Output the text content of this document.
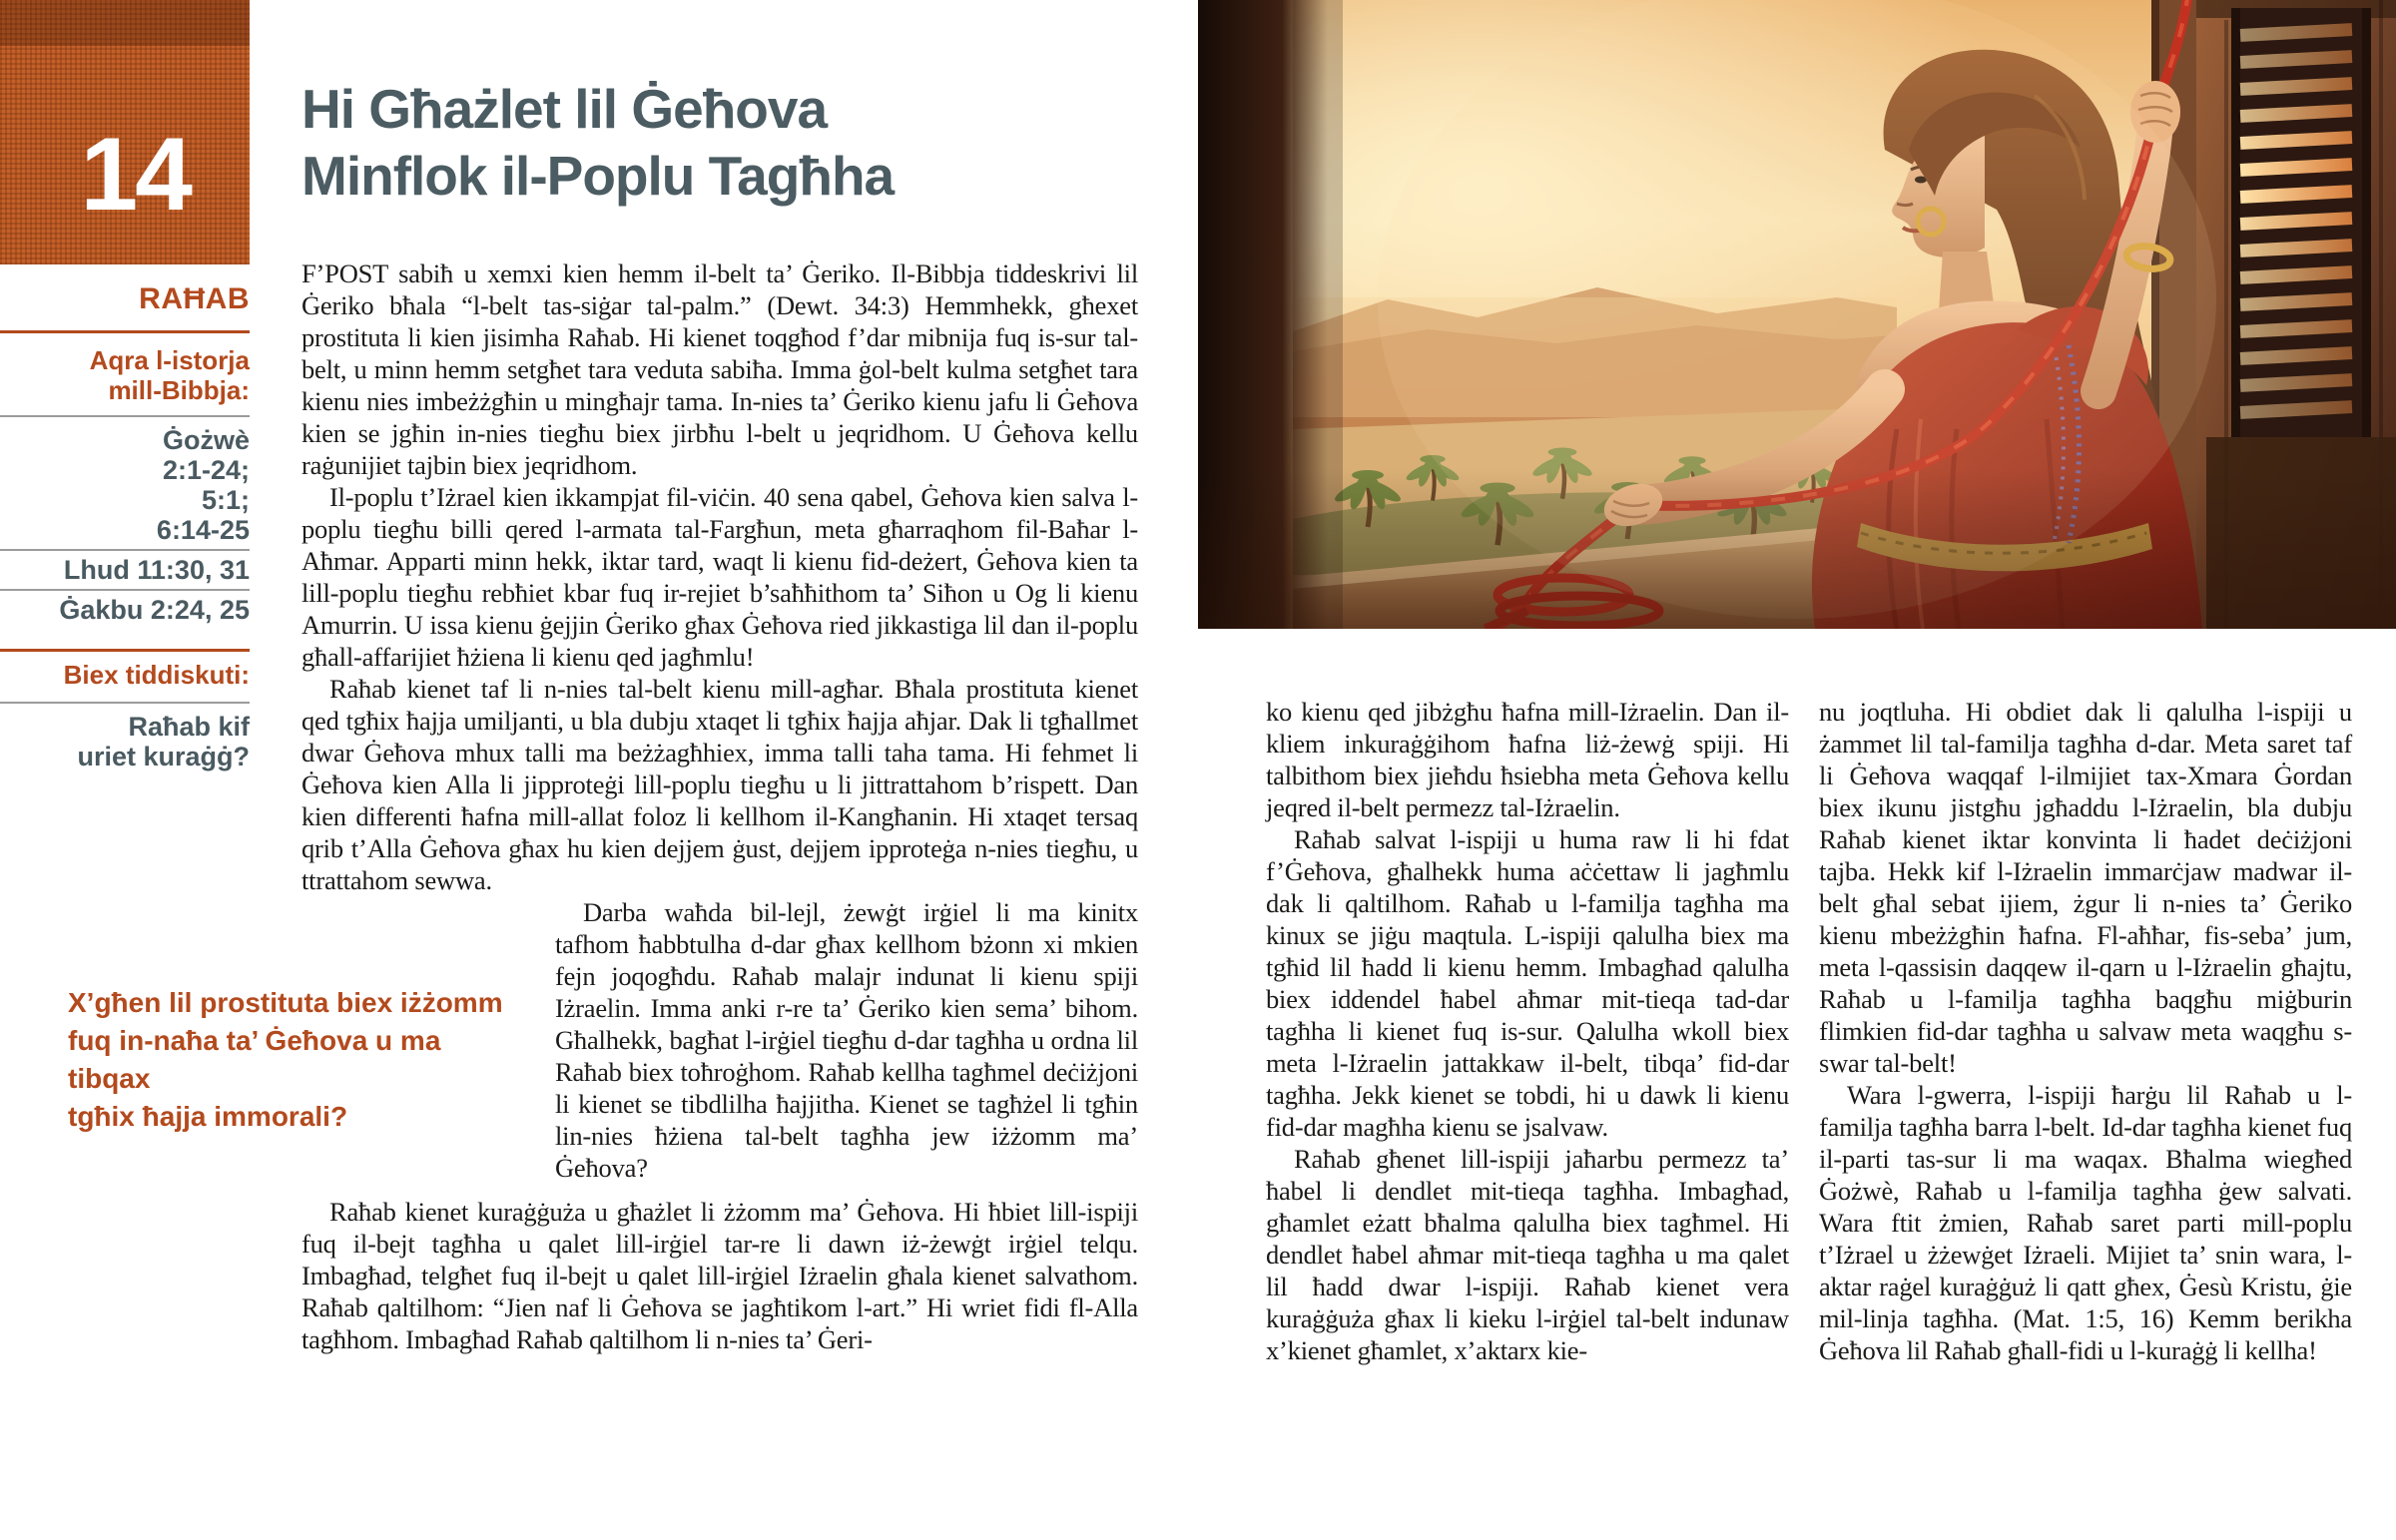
14
RAĦAB
Aqra l-istorja
mill-Bibbja:
Ġożwè
2:1-24;
5:1;
6:14-25
Lhud 11:30, 31
Ġakbu 2:24, 25
Biex tiddiskuti:
Raħab kif
uriet kuraġġ?
Hi Għażlet lil Ġeħova
Minflok il-Poplu Tagħha

F’POST sabiħ u xemxi kien hemm il-belt ta’ Ġeriko. Il-Bibbja tiddeskrivi lil Ġeriko bħala “l-belt tas-siġar tal-palm.” (Dewt. 34:3) Hemmhekk, għexet prostituta li kien jisimha Raħab. Hi kienet toqgħod f’dar mibnija fuq is-sur tal-belt, u minn hemm setgħet tara veduta sabiħa. Imma ġol-belt kulma setgħet tara kienu nies imbeżżgħin u mingħajr tama. In-nies ta’ Ġeriko kienu jafu li Ġeħova kien se jgħin in-nies tiegħu biex jirbħu l-belt u jeqridhom. U Ġeħova kellu raġunijiet tajbin biex jeqridhom.

Il-poplu t’Iżrael kien ikkampjat fil-viċin. 40 sena qabel, Ġeħova kien salva l-poplu tiegħu billi qered l-armata tal-Fargħun, meta għarraqhom fil-Baħar l-Aħmar. Apparti minn hekk, iktar tard, waqt li kienu fid-deżert, Ġeħova kien ta lill-poplu tiegħu rebħiet kbar fuq ir-rejiet b’saħħithom ta’ Siħon u Og li kienu Amurrin. U issa kienu ġejjin Ġeriko għax Ġeħova ried jikkastiga lil dan il-poplu għall-affarijiet ħżiena li kienu qed jagħmlu!

Raħab kienet taf li n-nies tal-belt kienu mill-agħar. Bħala prostituta kienet qed tgħix ħajja umiljanti, u bla dubju xtaqet li tgħix ħajja aħjar. Dak li tgħallmet dwar Ġeħova mhux talli ma beżżagħhiex, imma talli taha tama. Hi fehmet li Ġeħova kien Alla li jipproteġi lill-poplu tiegħu u li jittrattahom b’rispett. Dan kien differenti ħafna mill-allat foloz li kellhom il-Kangħanin. Hi xtaqet tersaq qrib t’Alla Ġeħova għax hu kien dejjem ġust, dejjem ipproteġa n-nies tiegħu, u ttrattahom sewwa.

X’għen lil prostituta biex iżżomm
fuq in-naħa ta’ Ġeħova u ma tibqax
tgħix ħajja immorali?

Darba waħda bil-lejl, żewġt irġiel li ma kinitx tafhom ħabbtulha d-dar għax kellhom bżonn xi mkien fejn joqogħdu. Raħab malajr indunat li kienu spiji Iżraelin. Imma anki r-re ta’ Ġeriko kien sema’ bihom. Għalhekk, bagħat l-irġiel tiegħu d-dar tagħha u ordna lil Raħab biex toħroġhom. Raħab kellha tagħmel deċiżjoni li kienet se tibdlilha ħajjitha. Kienet se tagħżel li tgħin lin-nies ħżiena tal-belt tagħha jew iżżomm ma’ Ġeħova?

Raħab kienet kuraġġuża u għażlet li żżomm ma’ Ġeħova. Hi ħbiet lill-ispiji fuq il-bejt tagħha u qalet lill-irġiel tar-re li dawn iż-żewġt irġiel telqu. Imbagħad, telgħet fuq il-bejt u qalet lill-irġiel Iżraelin għala kienet salvathom. Raħab qaltilhom: “Jien naf li Ġeħova se jagħtikom l-art.” Hi wriet fidi fl-Alla tagħhom. Imbagħad Raħab qaltilhom li n-nies ta’ Ġeri-

ko kienu qed jibżgħu ħafna mill-Iżraelin. Dan il-kliem inkuraġġihom ħafna liż-żewġ spiji. Hi talbithom biex jieħdu ħsiebha meta Ġeħova kellu jeqred il-belt permezz tal-Iżraelin.

Raħab salvat l-ispiji u huma raw li hi fdat f’Ġeħova, għalhekk huma aċċettaw li jagħmlu dak li qaltilhom. Raħab u l-familja tagħha ma kinux se jiġu maqtula. L-ispiji qalulha biex ma tgħid lil ħadd li kienu hemm. Imbagħad qalulha biex iddendel ħabel aħmar mit-tieqa tad-dar tagħha li kienet fuq is-sur. Qalulha wkoll biex meta l-Iżraelin jattakkaw il-belt, tibqa’ fid-dar tagħha. Jekk kienet se tobdi, hi u dawk li kienu fid-dar magħha kienu se jsalvaw.

Raħab għenet lill-ispiji jaħarbu permezz ta’ ħabel li dendlet mit-tieqa tagħha. Imbagħad, għamlet eżatt bħalma qalulha biex tagħmel. Hi dendlet ħabel aħmar mit-tieqa tagħha u ma qalet lil ħadd dwar l-ispiji. Raħab kienet vera kuraġġuża għax li kieku l-irġiel tal-belt indunaw x’kienet għamlet, x’aktarx kie-

nu joqtluha. Hi obdiet dak li qalulha l-ispiji u żammet lil tal-familja tagħha d-dar. Meta saret taf li Ġeħova waqqaf l-ilmijiet tax-Xmara Ġordan biex ikunu jistgħu jgħaddu l-Iżraelin, bla dubju Raħab kienet iktar konvinta li ħadet deċiżjoni tajba. Hekk kif l-Iżraelin immarċjaw madwar il-belt għal sebat ijiem, żgur li n-nies ta’ Ġeriko kienu mbeżżgħin ħafna. Fl-aħħar, fis-seba’ jum, meta l-qassisin daqqew il-qarn u l-Iżraelin għajtu, Raħab u l-familja tagħha baqgħu miġburin flimkien fid-dar tagħha u salvaw meta waqgħu s-swar tal-belt!

Wara l-gwerra, l-ispiji ħarġu lil Raħab u l-familja tagħha barra l-belt. Id-dar tagħha kienet fuq il-parti tas-sur li ma waqax. Bħalma wiegħed Ġożwè, Raħab u l-familja tagħha ġew salvati. Wara ftit żmien, Raħab saret parti mill-poplu t’Iżrael u żżewġet Iżraeli. Mijiet ta’ snin wara, l-aktar raġel kuraġġuż li qatt għex, Ġesù Kristu, ġie mil-linja tagħha. (Mat. 1:5, 16) Kemm berikha Ġeħova lil Raħab għall-fidi u l-kuraġġ li kellha!
